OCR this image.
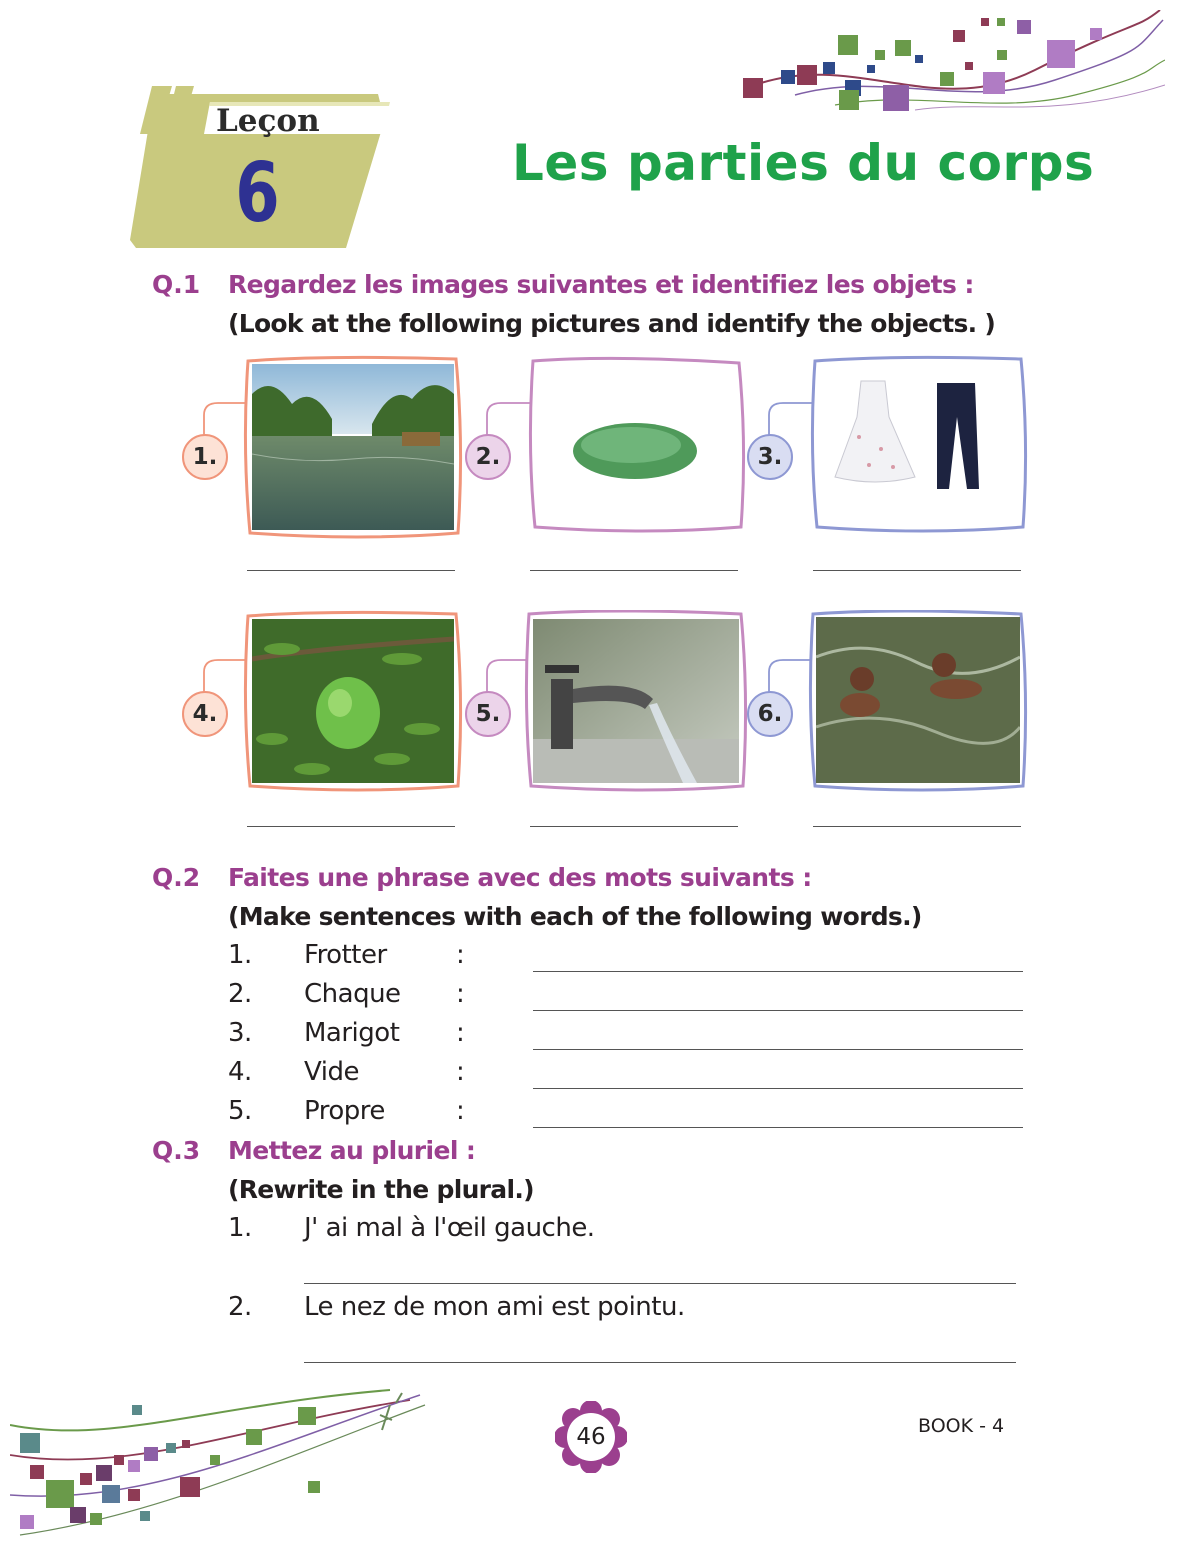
Leçon
6	Les parties du corps
Q.1 Regardez les images suivantes et identifiez les objets :
(Look at the following pictures and identify the objects. )
1.	2.	3.
4.	5.	6.
Q.2 Faites une phrase avec des mots suivants :
(Make sentences with each of the following words.)
1. Frotter	:
2. Chaque :
3. Marigot :
4. Vide	:
5. Propre	:
Q.3 Mettez au pluriel :
(Rewrite in the plural.)
1. J' ai mal à l'œil gauche.
2. Le nez de mon ami est pointu.
46	BOOK - 4
